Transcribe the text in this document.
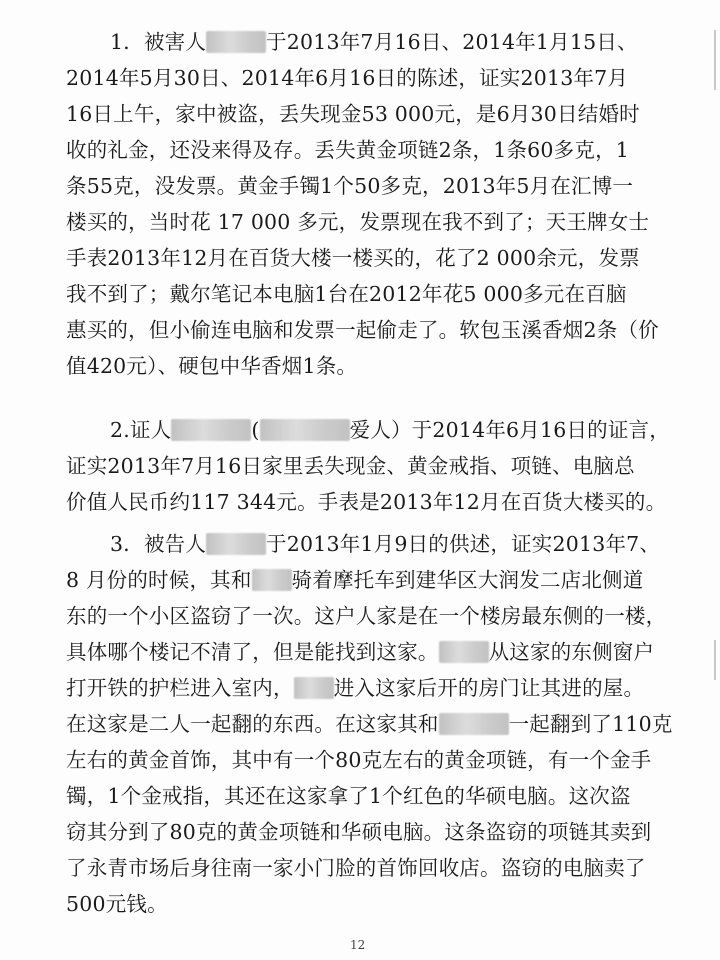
1．被害人	于2013年7月16日、2014年1月15日、
2014年5月30日、2014年6月16日的陈述，证实2013年7月
16日上午，家中被盗，丢失现金53 000元，是6月30日结婚时
收的礼金，还没来得及存。丢失黄金项链2条，1条60多克，1
条55克，没发票。黄金手镯1个50多克，2013年5月在汇博一
楼买的，当时花 17 000 多元，发票现在我不到了；天王牌女士
手表2013年12月在百货大楼一楼买的，花了2 000余元，发票
我不到了；戴尔笔记本电脑1台在2012年花5 000多元在百脑
惠买的，但小偷连电脑和发票一起偷走了。软包玉溪香烟2条（价
值420元）、硬包中华香烟1条。
2.证人	(	爱人）于2014年6月16日的证言，
证实2013年7月16日家里丢失现金、黄金戒指、项链、电脑总
价值人民币约117 344元。手表是2013年12月在百货大楼买的。
3．被告人	于2013年1月9日的供述，证实2013年7、
8 月份的时候，其和 骑着摩托车到建华区大润发二店北侧道
东的一个小区盗窃了一次。这户人家是在一个楼房最东侧的一楼，
具体哪个楼记不清了，但是能找到这家。 从这家的东侧窗户
打开铁的护栏进入室内， 进入这家后开的房门让其进的屋。
在这家是二人一起翻的东西。在这家其和	一起翻到了110克
左右的黄金首饰，其中有一个80克左右的黄金项链，有一个金手
镯，1个金戒指，其还在这家拿了1个红色的华硕电脑。这次盗
窃其分到了80克的黄金项链和华硕电脑。这条盗窃的项链其卖到
了永青市场后身往南一家小门脸的首饰回收店。盗窃的电脑卖了
500元钱。
12
